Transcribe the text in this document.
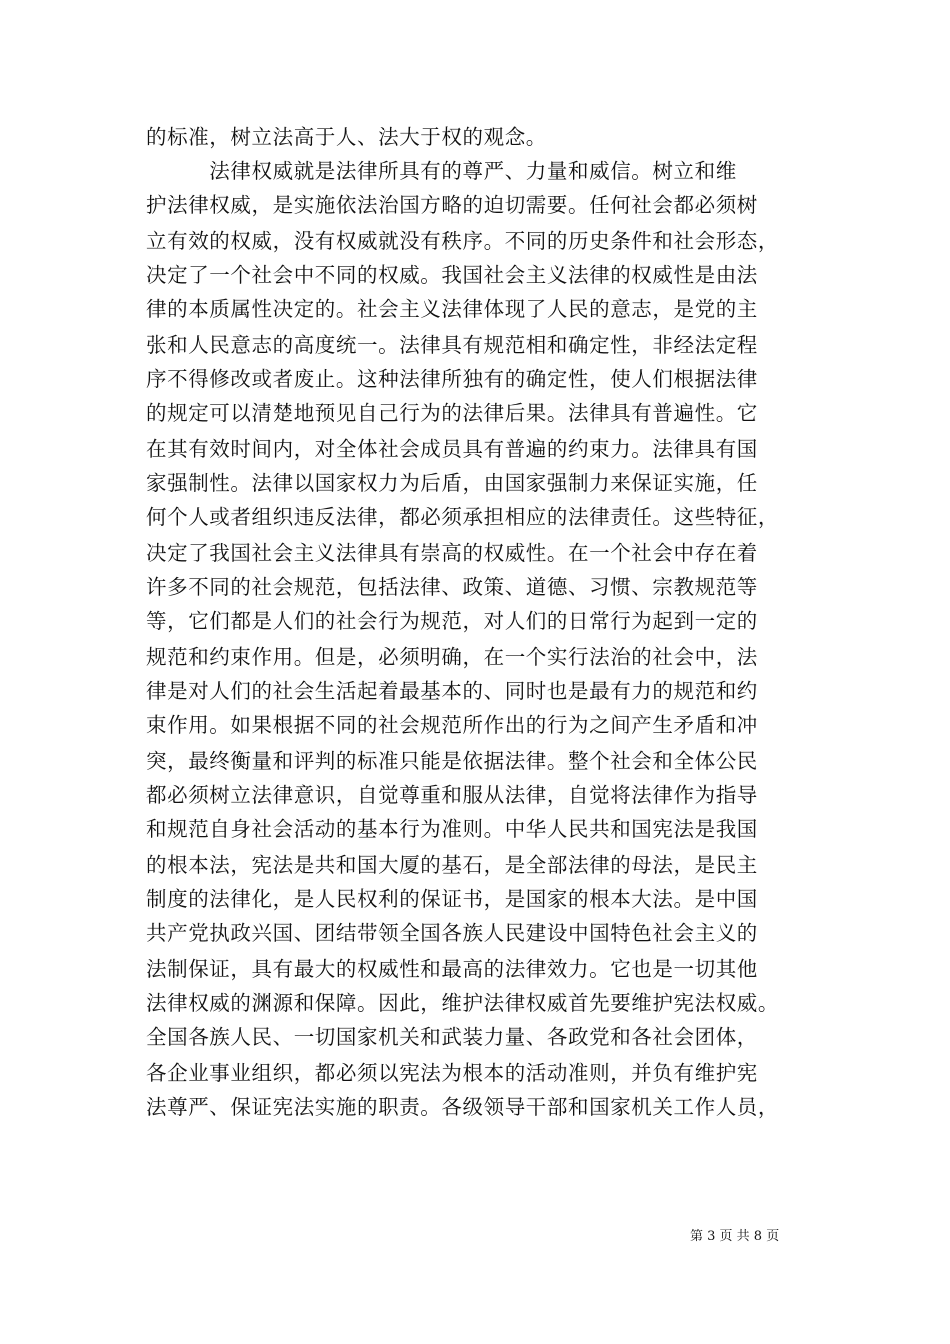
的标准，树立法高于人、法大于权的观念。
　　　法律权威就是法律所具有的尊严、力量和威信。树立和维
护法律权威，是实施依法治国方略的迫切需要。任何社会都必须树
立有效的权威，没有权威就没有秩序。不同的历史条件和社会形态，
决定了一个社会中不同的权威。我国社会主义法律的权威性是由法
律的本质属性决定的。社会主义法律体现了人民的意志，是党的主
张和人民意志的高度统一。法律具有规范相和确定性，非经法定程
序不得修改或者废止。这种法律所独有的确定性，使人们根据法律
的规定可以清楚地预见自己行为的法律后果。法律具有普遍性。它
在其有效时间内，对全体社会成员具有普遍的约束力。法律具有国
家强制性。法律以国家权力为后盾，由国家强制力来保证实施，任
何个人或者组织违反法律，都必须承担相应的法律责任。这些特征，
决定了我国社会主义法律具有崇高的权威性。在一个社会中存在着
许多不同的社会规范，包括法律、政策、道德、习惯、宗教规范等
等，它们都是人们的社会行为规范，对人们的日常行为起到一定的
规范和约束作用。但是，必须明确，在一个实行法治的社会中，法
律是对人们的社会生活起着最基本的、同时也是最有力的规范和约
束作用。如果根据不同的社会规范所作出的行为之间产生矛盾和冲
突，最终衡量和评判的标准只能是依据法律。整个社会和全体公民
都必须树立法律意识，自觉尊重和服从法律，自觉将法律作为指导
和规范自身社会活动的基本行为准则。中华人民共和国宪法是我国
的根本法，宪法是共和国大厦的基石，是全部法律的母法，是民主
制度的法律化，是人民权利的保证书，是国家的根本大法。是中国
共产党执政兴国、团结带领全国各族人民建设中国特色社会主义的
法制保证，具有最大的权威性和最高的法律效力。它也是一切其他
法律权威的渊源和保障。因此，维护法律权威首先要维护宪法权威。
全国各族人民、一切国家机关和武装力量、各政党和各社会团体，
各企业事业组织，都必须以宪法为根本的活动准则，并负有维护宪
法尊严、保证宪法实施的职责。各级领导干部和国家机关工作人员，
第 3 页 共 8 页
